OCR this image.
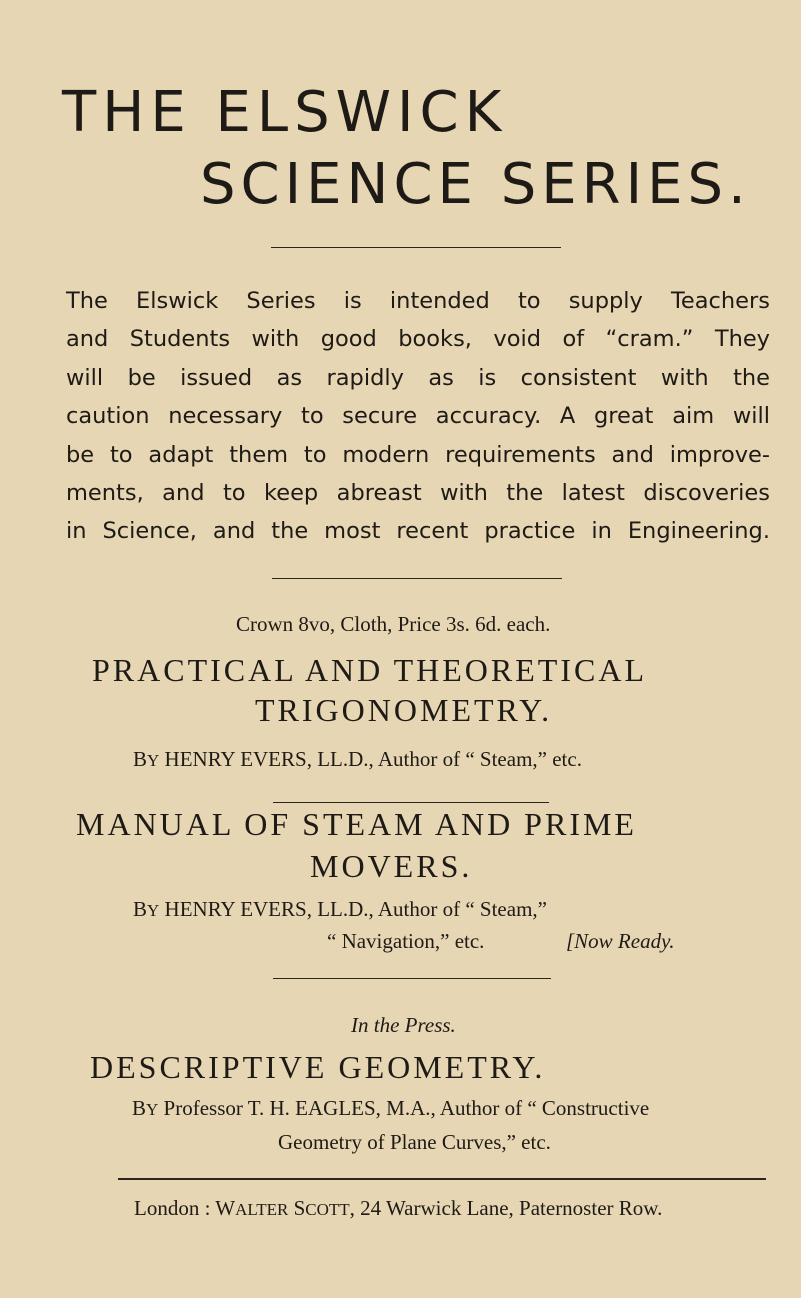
THE ELSWICK
SCIENCE SERIES.
The Elswick Series is intended to supply Teachers
and Students with good books, void of “cram.” They
will be issued as rapidly as is consistent with the
caution necessary to secure accuracy. A great aim will
be to adapt them to modern requirements and improve-
ments, and to keep abreast with the latest discoveries
in Science, and the most recent practice in Engineering.
Crown 8vo, Cloth, Price 3s. 6d. each.
PRACTICAL AND THEORETICAL
TRIGONOMETRY.
BY HENRY EVERS, LL.D., Author of “ Steam,” etc.
MANUAL OF STEAM AND PRIME
MOVERS.
BY HENRY EVERS, LL.D., Author of “ Steam,”
“ Navigation,” etc.	[Now Ready.
In the Press.
DESCRIPTIVE GEOMETRY.
BY Professor T. H. EAGLES, M.A., Author of “ Constructive
Geometry of Plane Curves,” etc.
London : WALTER SCOTT, 24 Warwick Lane, Paternoster Row.
